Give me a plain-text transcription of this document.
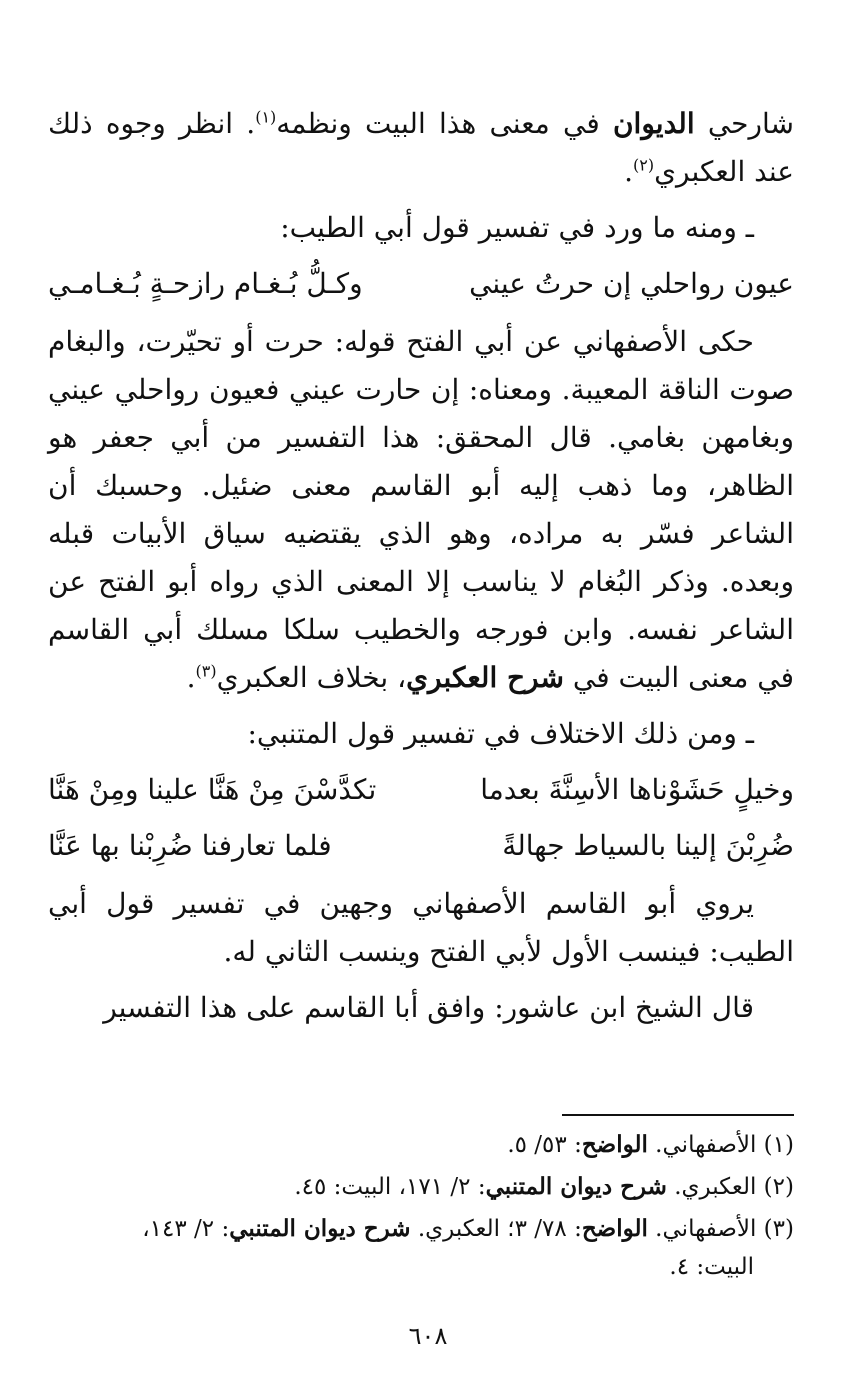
شارحي الديوان في معنى هذا البيت ونظمه$^{(١)}$. انظر وجوه ذلك عند العكبري$^{(٢)}$.

ـ ومنه ما ورد في تفسير قول أبي الطيب:

عيون رواحلي إن حرتُ عيني
وكـلُّ بُـغـام رازحـةٍ بُـغـامـي

حكى الأصفهاني عن أبي الفتح قوله: حرت أو تحيّرت، والبغام صوت الناقة المعيبة. ومعناه: إن حارت عيني فعيون رواحلي عيني وبغامهن بغامي. قال المحقق: هذا التفسير من أبي جعفر هو الظاهر، وما ذهب إليه أبو القاسم معنى ضئيل. وحسبك أن الشاعر فسّر به مراده، وهو الذي يقتضيه سياق الأبيات قبله وبعده. وذكر البُغام لا يناسب إلا المعنى الذي رواه أبو الفتح عن الشاعر نفسه. وابن فورجه والخطيب سلكا مسلك أبي القاسم في معنى البيت في شرح العكبري، بخلاف العكبري$^{(٣)}$.

ـ ومن ذلك الاختلاف في تفسير قول المتنبي:

وخيلٍ حَشَوْناها الأسِنَّةَ بعدما
تكدَّسْنَ مِنْ هَنَّا علينا ومِنْ هَنَّا
ضُرِبْنَ إلينا بالسياط جهالةً
فلما تعارفنا ضُرِبْنا بها عَنَّا

يروي أبو القاسم الأصفهاني وجهين في تفسير قول أبي الطيب: فينسب الأول لأبي الفتح وينسب الثاني له.

قال الشيخ ابن عاشور: وافق أبا القاسم على هذا التفسير

(١) الأصفهاني. الواضح: ٥٣/ ٥.

(٢) العكبري. شرح ديوان المتنبي: ٢/ ١٧١، البيت: ٤٥.

(٣) الأصفهاني. الواضح: ٧٨/ ٣؛ العكبري. شرح ديوان المتنبي: ٢/ ١٤٣،
البيت: ٤.

٦٠٨
